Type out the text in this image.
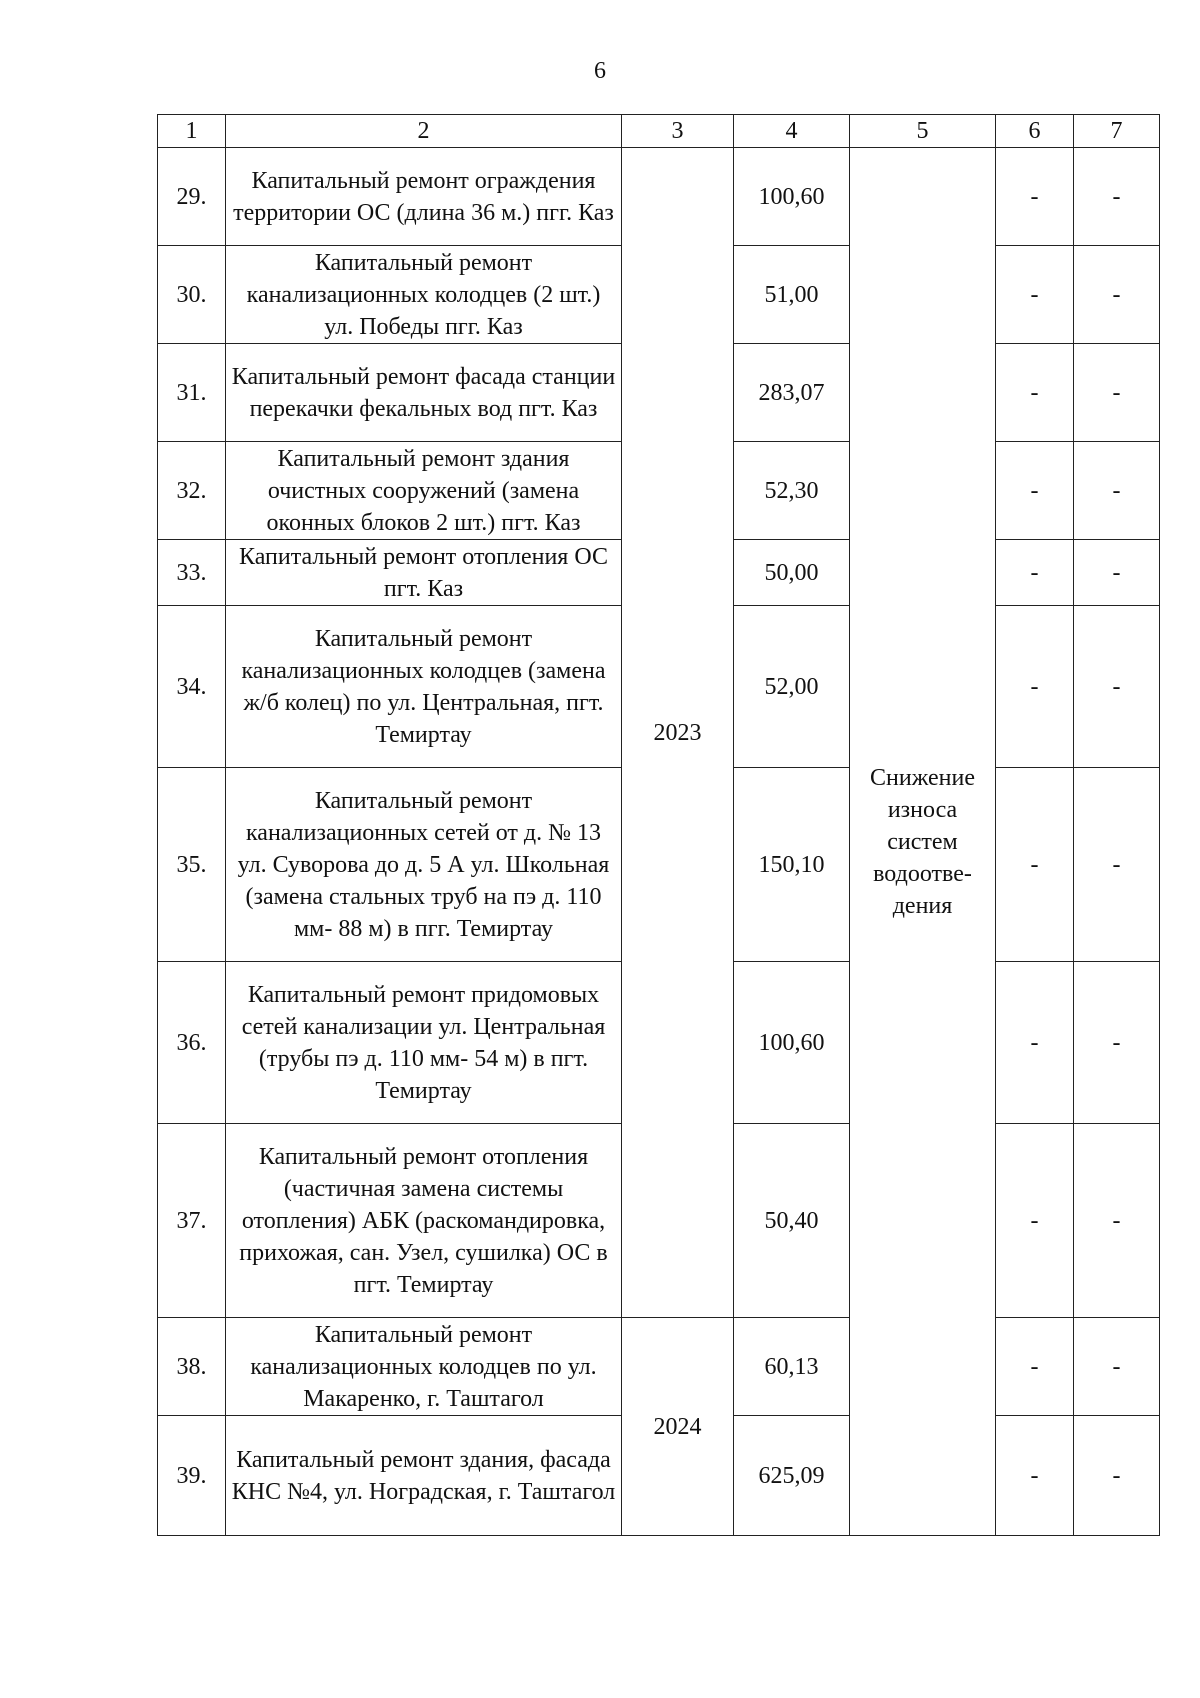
6
1	2	3	4	5	6	7
29.	Капитальный ремонт ограждения территории ОС (длина 36 м.) пгг. Каз	2023	100,60	Снижение износа систем водоотве-дения	-	-
30.	Капитальный ремонт канализационных колодцев (2 шт.) ул. Победы пгг. Каз		51,00		-	-
31.	Капитальный ремонт фасада станции перекачки фекальных вод пгт. Каз		283,07		-	-
32.	Капитальный ремонт здания очистных сооружений (замена оконных блоков 2 шт.) пгт. Каз		52,30		-	-
33.	Капитальный ремонт отопления ОС пгт. Каз		50,00		-	-
34.	Капитальный ремонт канализационных колодцев (замена ж/б колец) по ул. Центральная, пгт. Темиртау		52,00		-	-
35.	Капитальный ремонт канализационных сетей от д. № 13 ул. Суворова до д. 5 А ул. Школьная (замена стальных труб на пэ д. 110 мм- 88 м) в пгг. Темиртау		150,10		-	-
36.	Капитальный ремонт придомовых сетей канализации ул. Центральная (трубы пэ д. 110 мм- 54 м) в пгт. Темиртау		100,60		-	-
37.	Капитальный ремонт отопления (частичная замена системы отопления) АБК (раскомандировка, прихожая, сан. Узел, сушилка) ОС в пгт. Темиртау		50,40		-	-
38.	Капитальный ремонт канализационных колодцев по ул. Макаренко, г. Таштагол	2024	60,13		-	-
39.	Капитальный ремонт здания, фасада КНС №4, ул. Ноградская, г. Таштагол		625,09		-	-
